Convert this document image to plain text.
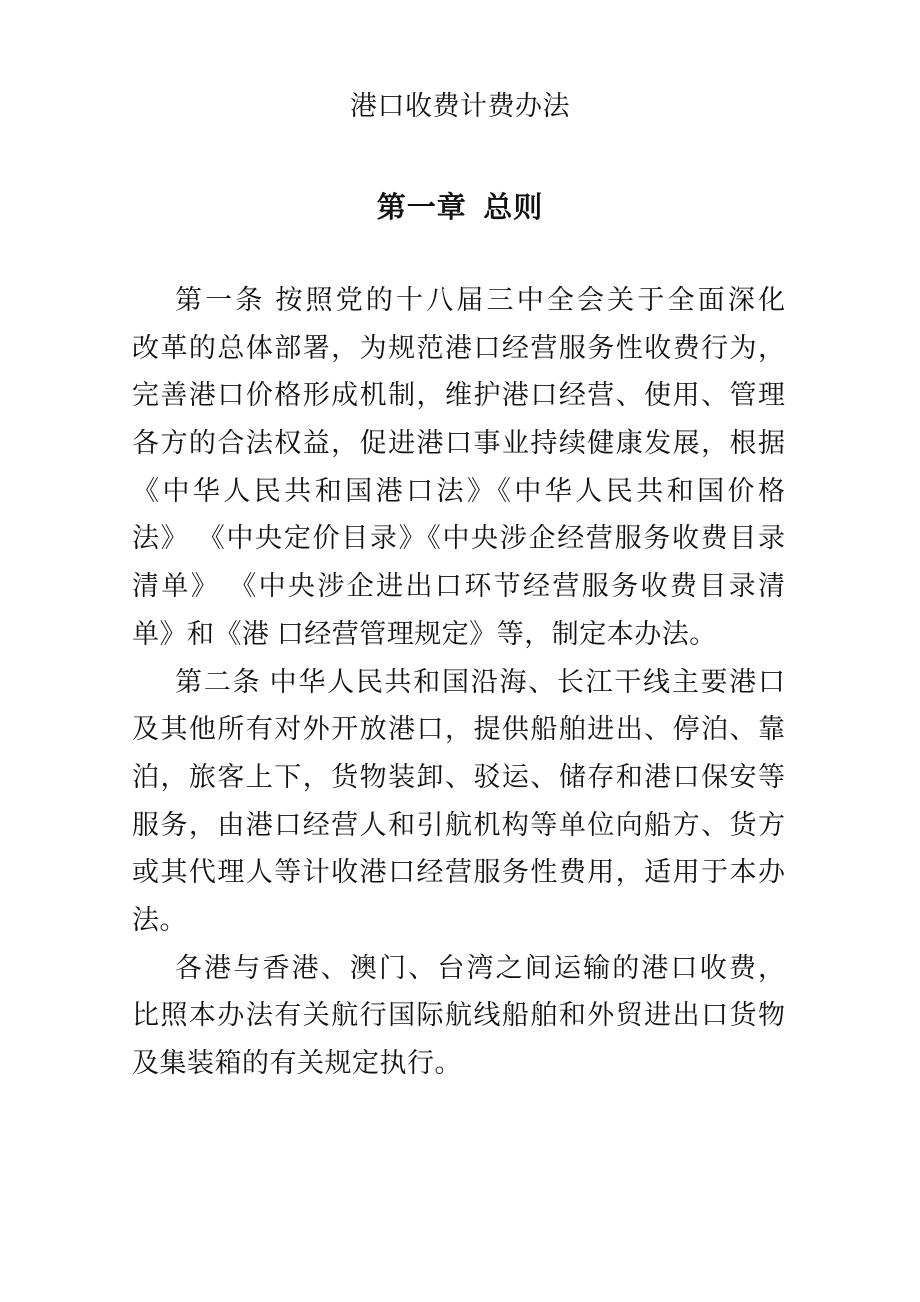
港口收费计费办法
第一章  总则
第一条 按照党的十八届三中全会关于全面深化
改革的总体部署，为规范港口经营服务性收费行为，
完善港口价格形成机制，维护港口经营、使用、管理
各方的合法权益，促进港口事业持续健康发展，根据
《中华人民共和国港口法》《中华人民共和国价格
法》 《中央定价目录》《中央涉企经营服务收费目录
清单》 《中央涉企进出口环节经营服务收费目录清
单》和《港 口经营管理规定》等，制定本办法。
第二条 中华人民共和国沿海、长江干线主要港口
及其他所有对外开放港口，提供船舶进出、停泊、靠
泊，旅客上下，货物装卸、驳运、储存和港口保安等
服务，由港口经营人和引航机构等单位向船方、货方
或其代理人等计收港口经营服务性费用，适用于本办
法。
各港与香港、澳门、台湾之间运输的港口收费，
比照本办法有关航行国际航线船舶和外贸进出口货物
及集装箱的有关规定执行。
